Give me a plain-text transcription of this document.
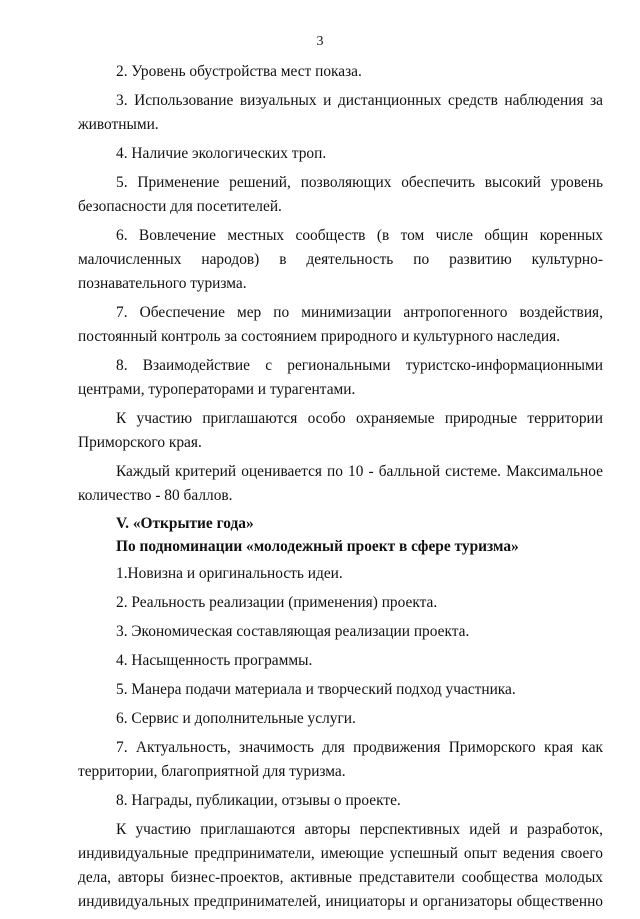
3

2. Уровень обустройства мест показа.

3. Использование визуальных и дистанционных средств наблюдения за животными.

4. Наличие экологических троп.

5. Применение решений, позволяющих обеспечить высокий уровень безопасности для посетителей.

6. Вовлечение местных сообществ (в том числе общин коренных малочисленных народов) в деятельность по развитию культурно-познавательного туризма.

7. Обеспечение мер по минимизации антропогенного воздействия, постоянный контроль за состоянием природного и культурного наследия.

8. Взаимодействие с региональными туристско-информационными центрами, туроператорами и турагентами.

К участию приглашаются особо охраняемые природные территории Приморского края.

Каждый критерий оценивается по 10 - балльной системе. Максимальное количество - 80 баллов.

V. «Открытие года»
По подноминации «молодежный проект в сфере туризма»

1.Новизна и оригинальность идеи.

2. Реальность реализации (применения) проекта.

3. Экономическая составляющая реализации проекта.

4. Насыщенность программы.

5. Манера подачи материала и творческий подход участника.

6. Сервис и дополнительные услуги.

7. Актуальность, значимость для продвижения Приморского края как территории, благоприятной для туризма.

8. Награды, публикации, отзывы о проекте.

К участию приглашаются авторы перспективных идей и разработок, индивидуальные предприниматели, имеющие успешный опыт ведения своего дела, авторы бизнес-проектов, активные представители сообщества молодых индивидуальных предпринимателей, инициаторы и организаторы общественно
